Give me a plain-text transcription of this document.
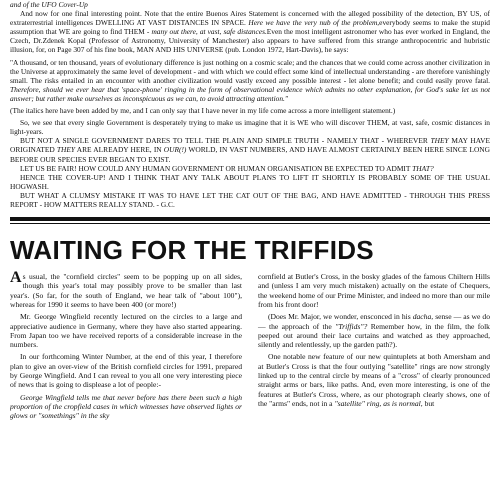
and of the UFO Cover-Up

And now for one final interesting point. Note that the entire Buenos Aires Statement is concerned with the alleged possibility of the detection, BY US, of extraterrestrial intelligences DWELLING AT VAST DISTANCES IN SPACE. Here we have the very nub of the problem,everybody seems to make the stupid assumption that WE are going to find THEM - many out there, at vast, safe distances.Even the most intelligent astronomer who has ever worked in England, the Czech, Dr.Zdenek Kopal (Professor of Astronomy, University of Manchester) also appears to have suffered from this strange anthropocentric and hubristic illusion, for, on Page 307 of his fine book, MAN AND HIS UNIVERSE (pub. London 1972, Hart-Davis), he says:

"A thousand, or ten thousand, years of evolutionary difference is just nothing on a cosmic scale; and the chances that we could come across another civilization in the Universe at approximately the same level of development - and with which we could effect some kind of intellectual understanding - are therefore vanishingly small. The risks entailed in an encounter with another civilization would vastly exceed any possible interest - let alone benefit; and could easily prove fatal. Therefore, should we ever hear that 'space-phone' ringing in the form of observational evidence which admits no other explanation, for God's sake let us not answer; but rather make ourselves as inconspicuous as we can, to avoid attracting attention."

(The italics here have been added by me, and I can only say that I have never in my life come across a more intelligent statement.)

So, we see that every single Government is desperately trying to make us imagine that it is WE who will discover THEM, at vast, safe, cosmic distances in light-years.

BUT NOT A SINGLE GOVERNMENT DARES TO TELL THE PLAIN AND SIMPLE TRUTH - NAMELY THAT - WHEREVER THEY MAY HAVE ORIGINATED THEY ARE ALREADY HERE, IN OUR(!) WORLD, IN VAST NUMBERS, AND HAVE ALMOST CERTAINLY BEEN HERE SINCE LONG BEFORE OUR SPECIES EVER BEGAN TO EXIST.

LET US BE FAIR! HOW COULD ANY HUMAN GOVERNMENT OR HUMAN ORGANISATION BE EXPECTED TO ADMIT THAT?

HENCE THE COVER-UP! AND I THINK THAT ANY TALK ABOUT PLANS TO LIFT IT SHORTLY IS PROBABLY SOME OF THE USUAL HOGWASH.

BUT WHAT A CLUMSY MISTAKE IT WAS TO HAVE LET THE CAT OUT OF THE BAG, AND HAVE ADMITTED - THROUGH THIS PRESS REPORT - HOW MATTERS REALLY STAND. - G.C.

WAITING FOR THE TRIFFIDS

As usual, the "cornfield circles" seem to be popping up on all sides, though this year's total may possibly prove to be smaller than last year's. (So far, for the south of England, we hear talk of "about 100"), whereas for 1990 it seems to have been 400 (or more!)

Mr. George Wingfield recently lectured on the circles to a large and appreciative audience in Germany, where they have also started appearing. From Japan too we have received reports of a considerable increase in the numbers.

In our forthcoming Winter Number, at the end of this year, I therefore plan to give an over-view of the British cornfield circles for 1991, prepared by George Wingfield. And I can reveal to you all one very interesting piece of news that is going to displease a lot of people:-

George Wingfield tells me that never before has there been such a high proportion of the cropfield cases in which witnesses have observed lights or glows or "somethings" in the sky

cornfield at Butler's Cross, in the bosky glades of the famous Chiltern Hills and (unless I am very much mistaken) actually on the estate of Chequers, the weekend home of our Prime Minister, and indeed no more than our mile from his front door!

(Does Mr. Major, we wonder, ensconced in his dacha, sense — as we do — the approach of the "Triffids"? Remember how, in the film, the folk peeped out around their lace curtains and watched as they approached, silently and relentlessly, up the garden path?).

One notable new feature of our new quintuplets at both Amersham and at Butler's Cross is that the four outlying "satellite" rings are now strongly linked up to the central circle by means of a "cross" of clearly pronounced straight arms or bars, like paths. And, even more interesting, is one of the features at Butler's Cross, where, as our photograph clearly shows, one of the "arms" ends, not in a "satellite" ring, as is normal, but
